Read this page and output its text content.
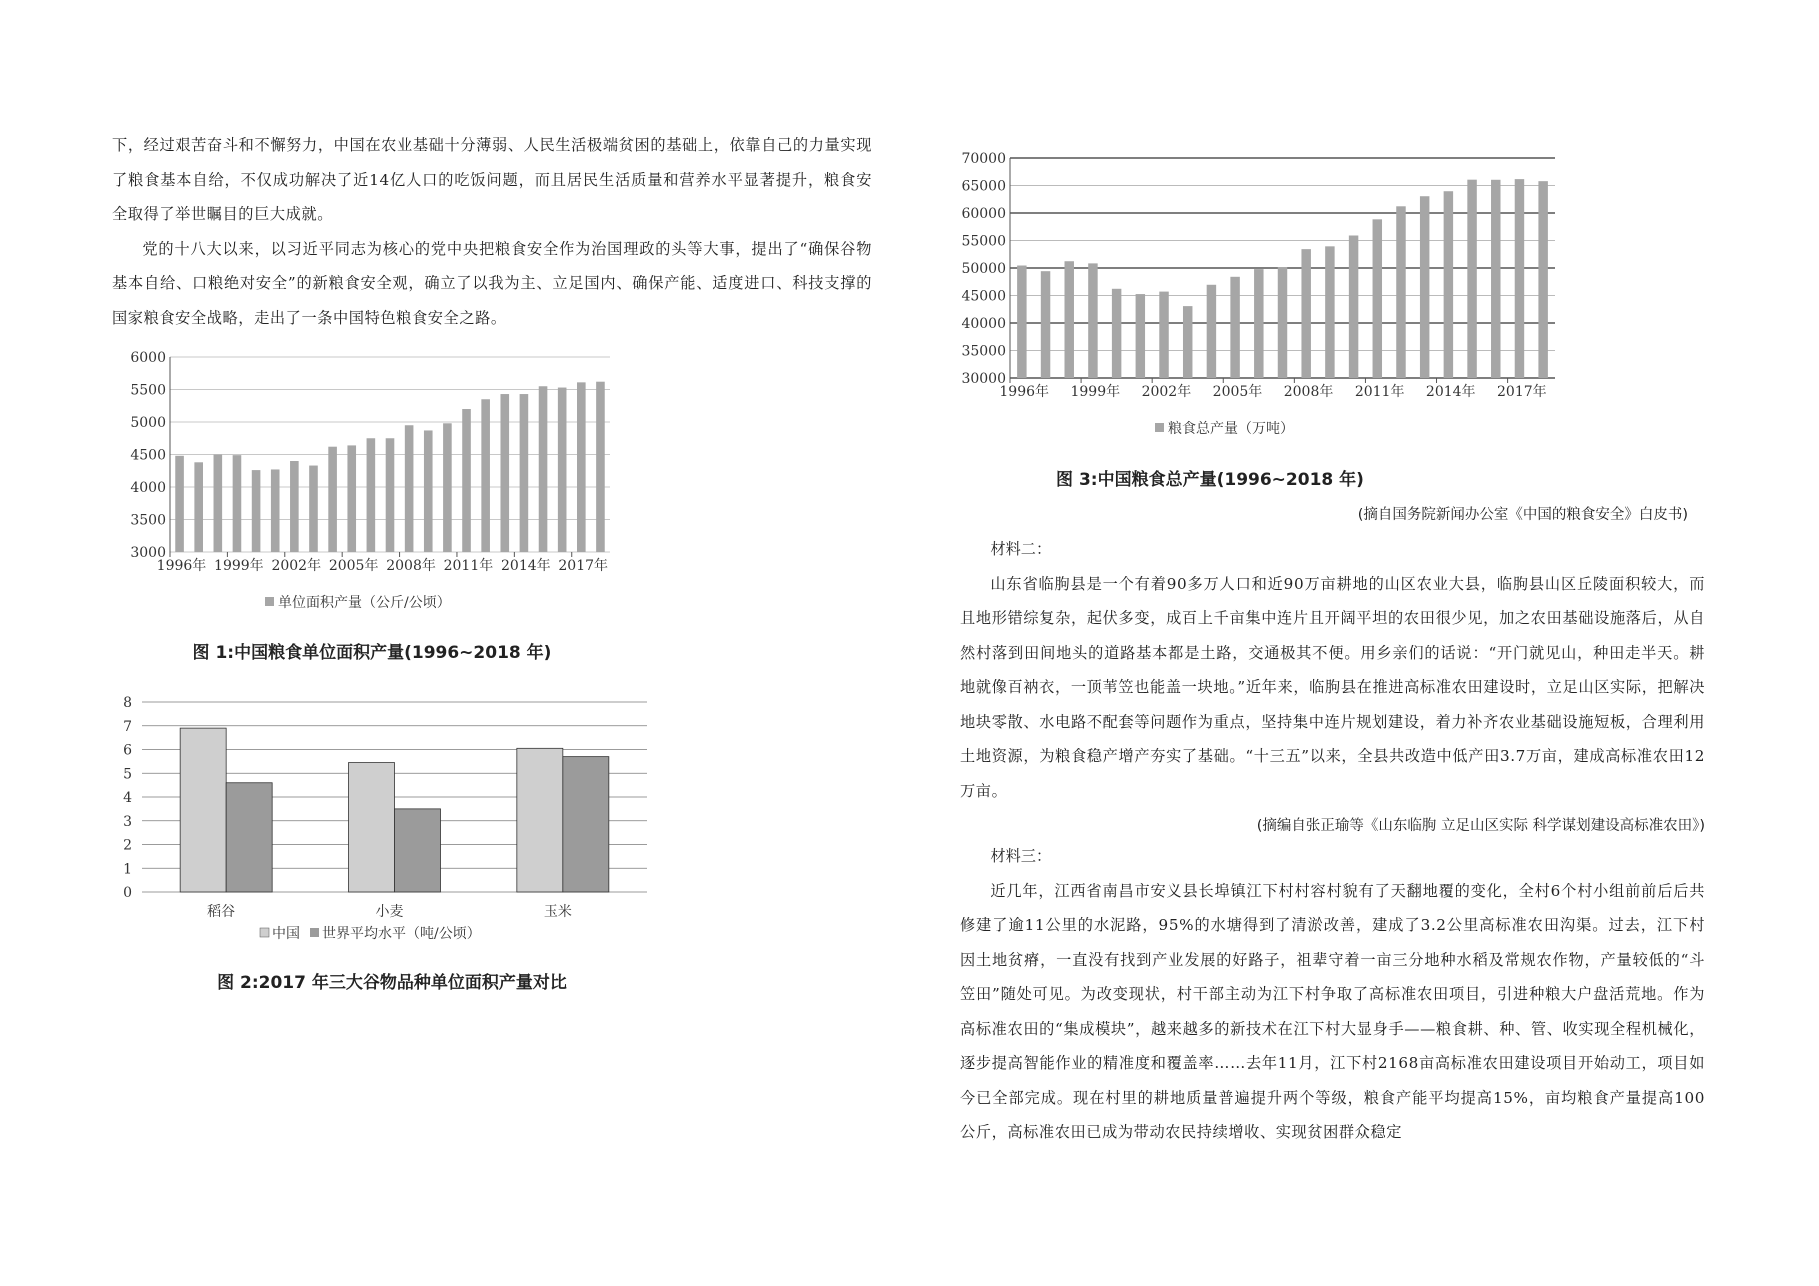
下，经过艰苦奋斗和不懈努力，中国在农业基础十分薄弱、人民生活极端贫困的基础上，依靠自己的力量实现了粮食基本自给，不仅成功解决了近14亿人口的吃饭问题，而且居民生活质量和营养水平显著提升，粮食安全取得了举世瞩目的巨大成就。

党的十八大以来，以习近平同志为核心的党中央把粮食安全作为治国理政的头等大事，提出了“确保谷物基本自给、口粮绝对安全”的新粮食安全观，确立了以我为主、立足国内、确保产能、适度进口、科技支撑的国家粮食安全战略，走出了一条中国特色粮食安全之路。

3000
3500
4000
4500
5000
5500
6000
1996年 1999年 2002年 2005年 2008年 2011年 2014年 2017年
单位面积产量（公斤/公顷）

图 1:中国粮食单位面积产量(1996~2018 年)

0
1
2
3
4
5
6
7
8
稻谷	小麦	玉米
中国 世界平均水平（吨/公顷）

图 2:2017 年三大谷物品种单位面积产量对比

30000
35000
40000
45000
50000
55000
60000
65000
70000
1996年 1999年 2002年 2005年 2008年 2011年 2014年 2017年
粮食总产量（万吨）

图 3:中国粮食总产量(1996~2018 年)

(摘自国务院新闻办公室《中国的粮食安全》白皮书)

材料二：

山东省临朐县是一个有着90多万人口和近90万亩耕地的山区农业大县，临朐县山区丘陵面积较大，而且地形错综复杂，起伏多变，成百上千亩集中连片且开阔平坦的农田很少见，加之农田基础设施落后，从自然村落到田间地头的道路基本都是土路，交通极其不便。用乡亲们的话说：“开门就见山，种田走半天。耕地就像百衲衣，一顶苇笠也能盖一块地。”近年来，临朐县在推进高标准农田建设时，立足山区实际，把解决地块零散、水电路不配套等问题作为重点，坚持集中连片规划建设，着力补齐农业基础设施短板，合理利用土地资源，为粮食稳产增产夯实了基础。“十三五”以来，全县共改造中低产田3.7万亩，建成高标准农田12万亩。

(摘编自张正瑜等《山东临朐 立足山区实际 科学谋划建设高标准农田》)

材料三：

近几年，江西省南昌市安义县长埠镇江下村村容村貌有了天翻地覆的变化，全村6个村小组前前后后共修建了逾11公里的水泥路，95%的水塘得到了清淤改善，建成了3.2公里高标准农田沟渠。过去，江下村因土地贫瘠，一直没有找到产业发展的好路子，祖辈守着一亩三分地种水稻及常规农作物，产量较低的“斗笠田”随处可见。为改变现状，村干部主动为江下村争取了高标准农田项目，引进种粮大户盘活荒地。作为高标准农田的“集成模块”，越来越多的新技术在江下村大显身手——粮食耕、种、管、收实现全程机械化，逐步提高智能作业的精准度和覆盖率……去年11月，江下村2168亩高标准农田建设项目开始动工，项目如今已全部完成。现在村里的耕地质量普遍提升两个等级，粮食产能平均提高15%，亩均粮食产量提高100公斤，高标准农田已成为带动农民持续增收、实现贫困群众稳定
